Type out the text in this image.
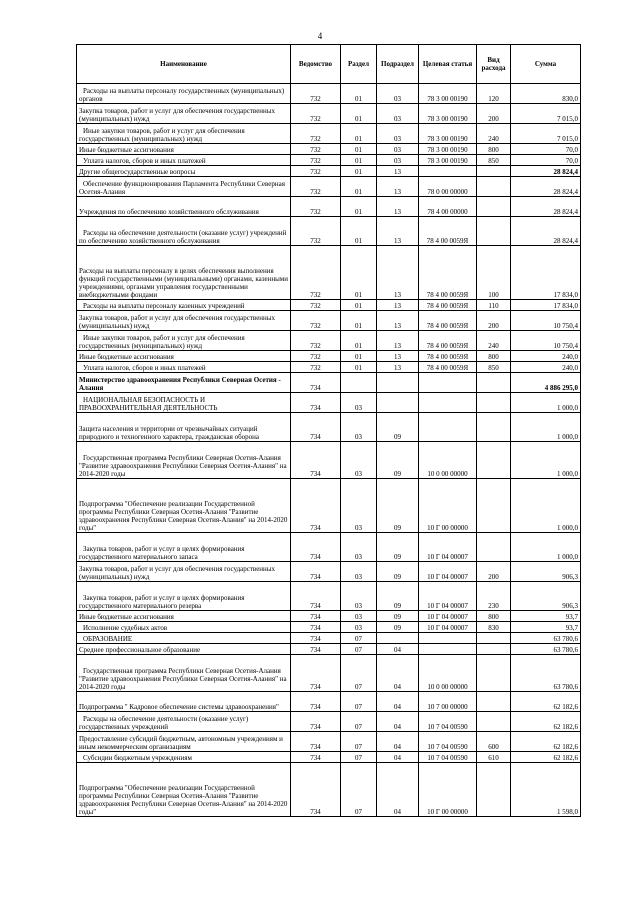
4
Наименование	Ведомство	Раздел	Подраздел	Целевая статья	Вид расхода	Сумма
Расходы на выплаты персоналу государственных (муниципальных) органов	732	01	03	78 3 00 00190	120	830,0
Закупка товаров, работ и услуг для обеспечения государственных (муниципальных) нужд	732	01	03	78 3 00 00190	200	7 015,0
Иные закупки товаров, работ и услуг для обеспечения государственных (муниципальных) нужд	732	01	03	78 3 00 00190	240	7 015,0
Иные бюджетные ассигнования	732	01	03	78 3 00 00190	800	70,0
Уплата налогов, сборов и иных платежей	732	01	03	78 3 00 00190	850	70,0
Другие общегосударственные вопросы	732	01	13			28 824,4
Обеспечение функционирования Парламента Республики Северная Осетия-Алания	732	01	13	78 0 00 00000		28 824,4
Учреждения по обеспечению хозяйственного обслуживания	732	01	13	78 4 00 00000		28 824,4
Расходы на обеспечение деятельности (оказание услуг) учреждений по обеспечению хозяйственного обслуживания	732	01	13	78 4 00 0059Я		28 824,4
Расходы на выплаты персоналу в целях обеспечения выполнения функций государственными (муниципальными) органами, казенными учреждениями, органами управления государственными внебюджетными фондами	732	01	13	78 4 00 0059Я	100	17 834,0
Расходы на выплаты персоналу казенных учреждений	732	01	13	78 4 00 0059Я	110	17 834,0
Закупка товаров, работ и услуг для обеспечения государственных (муниципальных) нужд	732	01	13	78 4 00 0059Я	200	10 750,4
Иные закупки товаров, работ и услуг для обеспечения государственных (муниципальных) нужд	732	01	13	78 4 00 0059Я	240	10 750,4
Иные бюджетные ассигнования	732	01	13	78 4 00 0059Я	800	240,0
Уплата налогов, сборов и иных платежей	732	01	13	78 4 00 0059Я	850	240,0
Министерство здравоохранения Республики Северная Осетия - Алания	734					4 886 295,0
НАЦИОНАЛЬНАЯ БЕЗОПАСНОСТЬ И ПРАВООХРАНИТЕЛЬНАЯ ДЕЯТЕЛЬНОСТЬ	734	03				1 000,0
Защита населения и территории от чрезвычайных ситуаций природного и техногенного характера, гражданская оборона	734	03	09			1 000,0
Государственная программа Республики Северная Осетия-Алания "Развитие здравоохранения Республики Северная Осетия-Алания" на 2014-2020 годы	734	03	09	10 0 00 00000		1 000,0
Подпрограмма "Обеспечение реализации Государственной программы Республики Северная Осетия-Алания "Развитие здравоохранения Республики Северная Осетия-Алания" на 2014-2020 годы"	734	03	09	10 Г 00 00000		1 000,0
Закупка товаров, работ и услуг в целях формирования государственного материального запаса	734	03	09	10 Г 04 00007		1 000,0
Закупка товаров, работ и услуг для обеспечения государственных (муниципальных) нужд	734	03	09	10 Г 04 00007	200	906,3
Закупка товаров, работ и услуг в целях формирования государственного материального резерва	734	03	09	10 Г 04 00007	230	906,3
Иные бюджетные ассигнования	734	03	09	10 Г 04 00007	800	93,7
Исполнение судебных актов	734	03	09	10 Г 04 00007	830	93,7
ОБРАЗОВАНИЕ	734	07				63 780,6
Среднее профессиональное образование	734	07	04			63 780,6
Государственная программа Республики Северная Осетия-Алания "Развитие здравоохранения Республики Северная Осетия-Алания" на 2014-2020 годы	734	07	04	10 0 00 00000		63 780,6
Подпрограмма " Кадровое обеспечение системы здравоохранения"	734	07	04	10 7 00 00000		62 182,6
Расходы на обеспечение деятельности (оказание услуг) государственных учреждений	734	07	04	10 7 04 00590		62 182,6
Предоставление субсидий бюджетным, автономным учреждениям и иным некоммерческим организациям	734	07	04	10 7 04 00590	600	62 182,6
Субсидии бюджетным учреждениям	734	07	04	10 7 04 00590	610	62 182,6
Подпрограмма "Обеспечение реализации Государственной программы Республики Северная Осетия-Алания "Развитие здравоохранения Республики Северная Осетия-Алания" на 2014-2020 годы"	734	07	04	10 Г 00 00000		1 598,0
